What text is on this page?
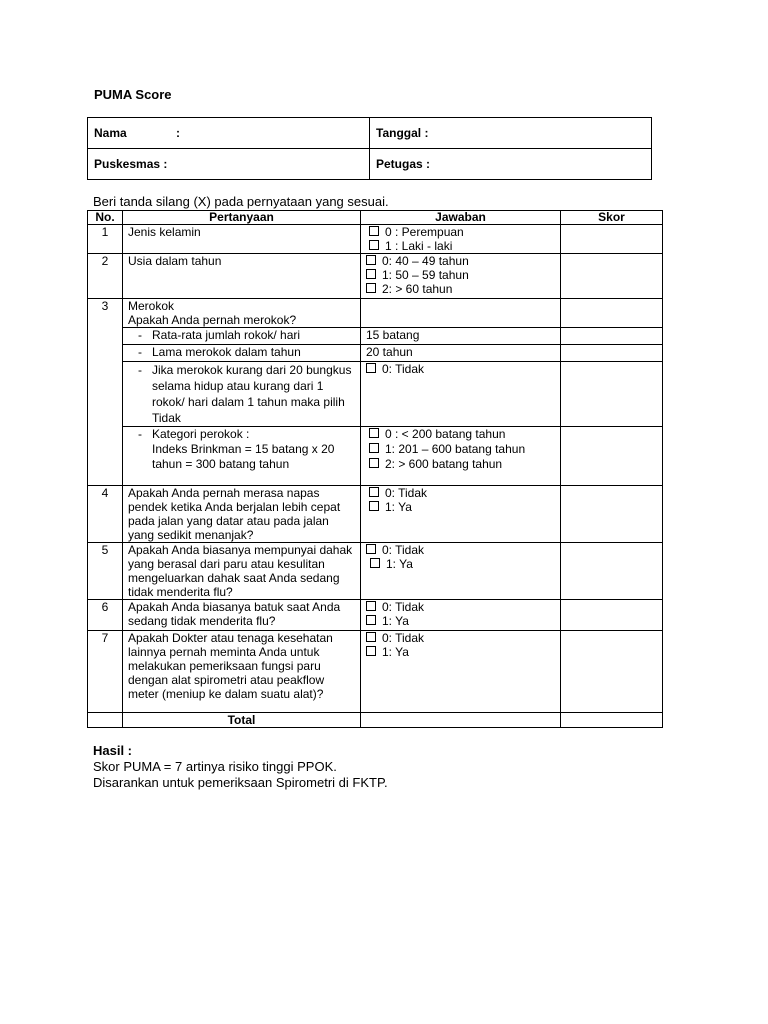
PUMA Score
Nama :	Tanggal :
Puskesmas :	Petugas :
Beri tanda silang (X) pada pernyataan yang sesuai.
No.	Pertanyaan	Jawaban	Skor
1	Jenis kelamin	0 : Perempuan
1 : Laki - laki	

2	Usia dalam tahun	0: 40 – 49 tahun
1: 50 – 59 tahun
2: > 60 tahun	

3	Merokok
Apakah Anda pernah merokok?		

	- Rata-rata jumlah rokok/ hari	15 batang	

	- Lama merokok dalam tahun	20 tahun	

	- Jika merokok kurang dari 20 bungkus selama hidup atau kurang dari 1 rokok/ hari dalam 1 tahun maka pilih Tidak	0: Tidak	

	- Kategori perokok :
Indeks Brinkman = 15 batang x 20 tahun = 300 batang tahun	0 : < 200 batang tahun
1: 201 – 600 batang tahun
2: > 600 batang tahun	

4	Apakah Anda pernah merasa napas pendek ketika Anda berjalan lebih cepat pada jalan yang datar atau pada jalan yang sedikit menanjak?	0: Tidak
1: Ya	

5	Apakah Anda biasanya mempunyai dahak yang berasal dari paru atau kesulitan mengeluarkan dahak saat Anda sedang tidak menderita flu?	0: Tidak
1: Ya	

6	Apakah Anda biasanya batuk saat Anda sedang tidak menderita flu?	0: Tidak
1: Ya	

7	Apakah Dokter atau tenaga kesehatan lainnya pernah meminta Anda untuk melakukan pemeriksaan fungsi paru dengan alat spirometri atau peakflow meter (meniup ke dalam suatu alat)?	0: Tidak
1: Ya	

	Total		
Hasil :
Skor PUMA = 7 artinya risiko tinggi PPOK.
Disarankan untuk pemeriksaan Spirometri di FKTP.
